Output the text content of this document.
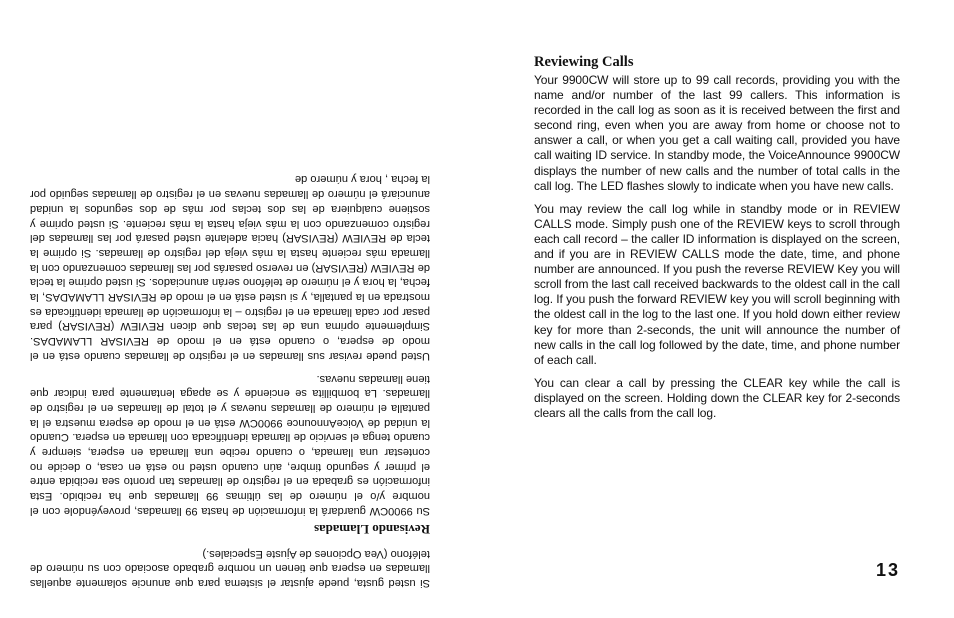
Si usted gusta, puede ajustar el sistema para que anuncie solamente aquellas llamadas en espera que tienen un nombre grabado asociado con su número de teléfono (Vea Opciones de Ajuste Especiales.)

Revisando Llamadas

Su 9900CW guardará la información de hasta 99 llamadas, proveyéndole con el nombre y/o el número de las últimas 99 llamadas que ha recibido. Esta información es grabada en el registro de llamadas tan pronto sea recibida entre el primer y segundo timbre, aún cuando usted no está en casa, o decide no contestar una llamada, o cuando recibe una llamada en espera, siempre y cuando tenga el servicio de llamada identificada con llamada en espera. Cuando la unidad de VoiceAnnounce 9900CW está en el modo de espera muestra el la pantalla el número de llamadas nuevas y el total de llamadas en el registro de llamadas. La bombillita se enciende y se apaga lentamente para indicar que tiene llamadas nuevas.

Usted puede revisar sus llamadas en el registro de llamadas cuando está en el modo de espera, o cuando está en el modo de REVISAR LLAMADAS. Simplemente oprima una de las teclas que dicen REVIEW (REVISAR) para pasar por cada llamada en el registro – la información de llamada identificada es mostrada en la pantalla, y si usted está en el modo de REVISAR LLAMADAS, la fecha, la hora y el número de teléfono serán anunciados. Si usted oprime la tecla de REVIEW (REVISAR) en reverso pasarás por las llamadas comenzando con la llamada más reciente hasta la más vieja del registro de llamadas. Si oprime la tecla de REVIEW (REVISAR) hacia adelante usted pasará por las llamadas del registro comenzando con la más vieja hasta la más reciente. Si usted oprime y sostiene cualquiera de las dos teclas por más de dos segundos la unidad anunciará el número de llamadas nuevas en el registro de llamadas seguido por la fecha , hora y número de

Reviewing Calls

Your 9900CW will store up to 99 call records, providing you with the name and/or number of the last 99 callers. This information is recorded in the call log as soon as it is received between the first and second ring, even when you are away from home or choose not to answer a call, or when you get a call waiting call, provided you have call waiting ID service. In standby mode, the VoiceAnnounce 9900CW displays the number of new calls and the number of total calls in the call log. The LED flashes slowly to indicate when you have new calls.

You may review the call log while in standby mode or in REVIEW CALLS mode. Simply push one of the REVIEW keys to scroll through each call record – the caller ID information is displayed on the screen, and if you are in REVIEW CALLS mode the date, time, and phone number are announced. If you push the reverse REVIEW Key you will scroll from the last call received backwards to the oldest call in the call log. If you push the forward REVIEW key you will scroll beginning with the oldest call in the log to the last one. If you hold down either review key for more than 2-seconds, the unit will announce the number of new calls in the call log followed by the date, time, and phone number of each call.

You can clear a call by pressing the CLEAR key while the call is displayed on the screen. Holding down the CLEAR key for 2-seconds clears all the calls from the call log.

13
